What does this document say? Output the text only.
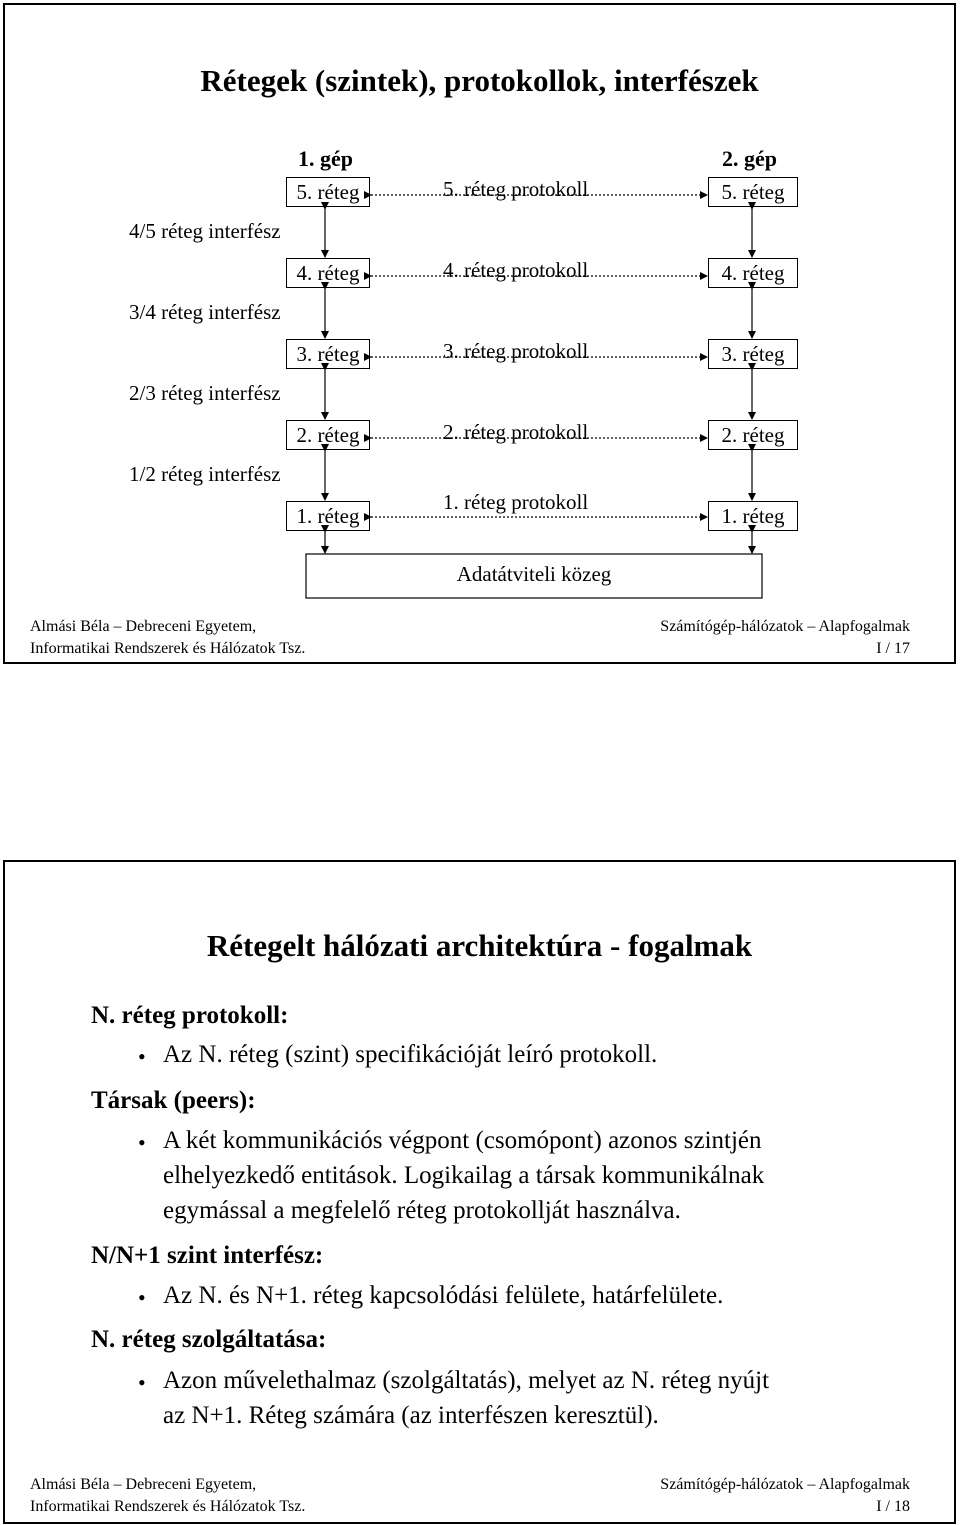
Rétegek (szintek), protokollok, interfészek
1. gép	2. gép
5. réteg
4. réteg
3. réteg
2. réteg
1. réteg
5. réteg
4. réteg
3. réteg
2. réteg
1. réteg
5. réteg protokoll
4. réteg protokoll
3. réteg protokoll
2. réteg protokoll
1. réteg protokoll
4/5 réteg interfész
3/4 réteg interfész
2/3 réteg interfész
1/2 réteg interfész
Adatátviteli közeg
Almási Béla – Debreceni Egyetem,
Informatikai Rendszerek és Hálózatok Tsz.
Számítógép-hálózatok – Alapfogalmak
I / 17
Rétegelt hálózati architektúra - fogalmak
N. réteg protokoll:
• Az N. réteg (szint) specifikációját leíró protokoll.
Társak (peers):
• A két kommunikációs végpont (csomópont) azonos szintjén
elhelyezkedő entitások. Logikailag a társak kommunikálnak
egymással a megfelelő réteg protokollját használva.
N/N+1 szint interfész:
• Az N. és N+1. réteg kapcsolódási felülete, határfelülete.
N. réteg szolgáltatása:
• Azon művelethalmaz (szolgáltatás), melyet az N. réteg nyújt
az N+1. Réteg számára (az interfészen keresztül).
Almási Béla – Debreceni Egyetem,
Informatikai Rendszerek és Hálózatok Tsz.
Számítógép-hálózatok – Alapfogalmak
I / 18
